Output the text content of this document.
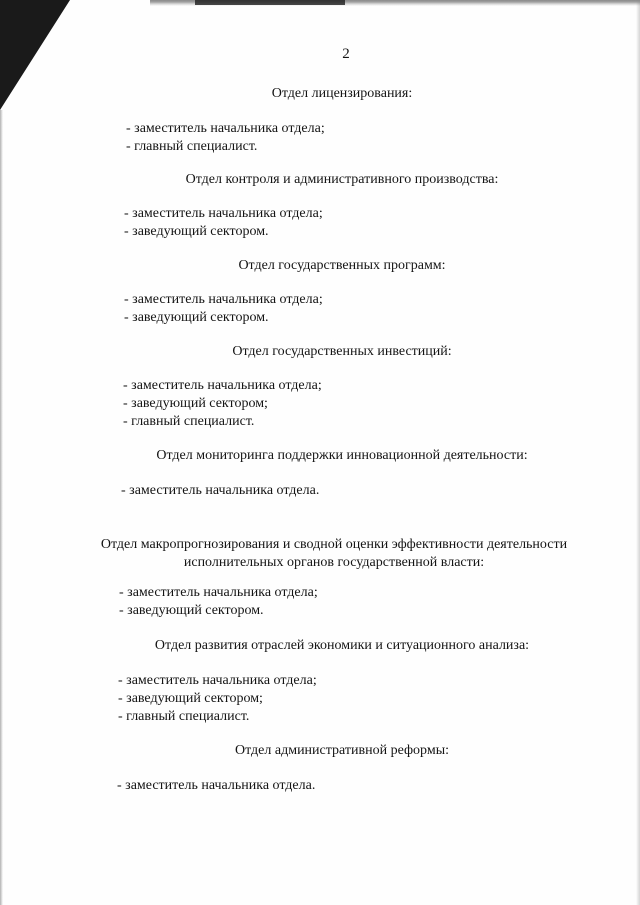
2
Отдел лицензирования:
- заместитель начальника отдела;
- главный специалист.
Отдел контроля и административного производства:
- заместитель начальника отдела;
- заведующий сектором.
Отдел государственных программ:
- заместитель начальника отдела;
- заведующий сектором.
Отдел государственных инвестиций:
- заместитель начальника отдела;
- заведующий сектором;
- главный специалист.
Отдел мониторинга поддержки инновационной деятельности:
- заместитель начальника отдела.
Отдел макропрогнозирования и сводной оценки эффективности деятельности
исполнительных органов государственной власти:
- заместитель начальника отдела;
- заведующий сектором.
Отдел развития отраслей экономики и ситуационного анализа:
- заместитель начальника отдела;
- заведующий сектором;
- главный специалист.
Отдел административной реформы:
- заместитель начальника отдела.
